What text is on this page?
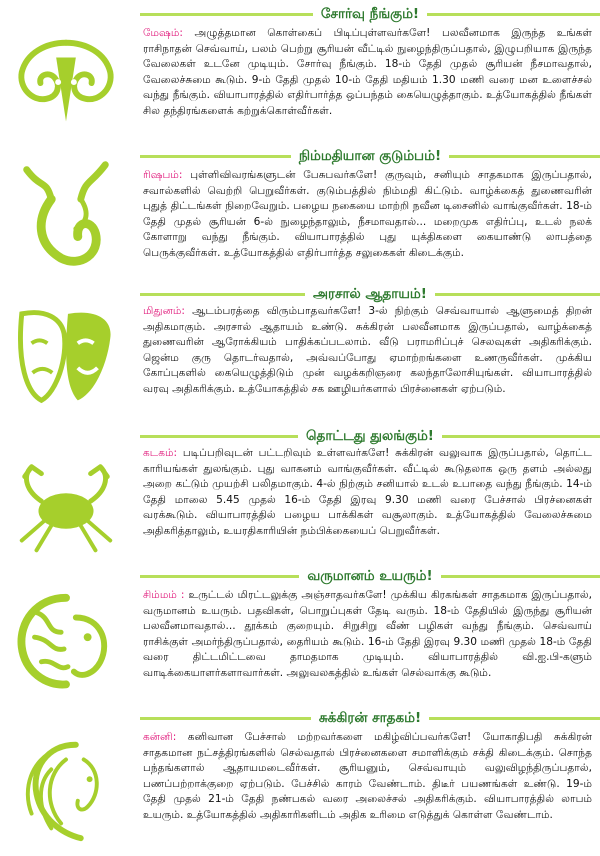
சோர்வு நீங்கும்!
மேஷம்: அழுத்தமான கொள்கைப் பிடிப்புள்ளவர்களே! பலவீனமாக இருந்த உங்கள் ராசிநாதன் செவ்வாய், பலம் பெற்று சூரியன் வீட்டில் நுழைந்திருப்பதால், இழுபறியாக இருந்த வேலைகள் உடனே முடியும். சோர்வு நீங்கும். 18-ம் தேதி முதல் சூரியன் நீசமாவதால், வேலைச்சுமை கூடும். 9-ம் தேதி முதல் 10-ம் தேதி மதியம் 1.30 மணி வரை மன உளைச்சல் வந்து நீங்கும். வியாபாரத்தில் எதிர்பார்த்த ஒப்பந்தம் கையெழுத்தாகும். உத்யோகத்தில் நீங்கள் சில தந்திரங்களைக் கற்றுக்கொள்வீர்கள்.
நிம்மதியான குடும்பம்!
ரிஷபம்: புள்ளிவிவரங்களுடன் பேசுபவர்களே! குருவும், சனியும் சாதகமாக இருப்பதால், சவால்களில் வெற்றி பெறுவீர்கள். குடும்பத்தில் நிம்மதி கிட்டும். வாழ்க்கைத் துணைவரின் புதுத் திட்டங்கள் நிறைவேறும். பழைய நகையை மாற்றி நவீன டிசைனில் வாங்குவீர்கள். 18-ம் தேதி முதல் சூரியன் 6-ல் நுழைந்தாலும், நீசமாவதால்... மறைமுக எதிர்ப்பு, உடல் நலக் கோளாறு வந்து நீங்கும். வியாபாரத்தில் புது யுக்திகளை கையாண்டு லாபத்தை பெருக்குவீர்கள். உத்யோகத்தில் எதிர்பார்த்த சலுகைகள் கிடைக்கும்.
அரசால் ஆதாயம்!
மிதுனம்: ஆடம்பரத்தை விரும்பாதவர்களே! 3-ல் நிற்கும் செவ்வாயால் ஆளுமைத் திறன் அதிகமாகும். அரசால் ஆதாயம் உண்டு. சுக்கிரன் பலவீனமாக இருப்பதால், வாழ்க்கைத் துணைவரின் ஆரோக்கியம் பாதிக்கப்படலாம். வீடு பராமரிப்புச் செலவுகள் அதிகரிக்கும். ஜென்ம குரு தொடர்வதால், அவ்வப்போது ஏமாற்றங்களை உணருவீர்கள். முக்கிய கோப்புகளில் கையெழுத்திடும் முன் வழக்கறிஞரை கலந்தாலோசியுங்கள். வியாபாரத்தில் வரவு அதிகரிக்கும். உத்யோகத்தில் சக ஊழியர்களால் பிரச்னைகள் ஏற்படும்.
தொட்டது துலங்கும்!
கடகம்: படிப்பறிவுடன் பட்டறிவும் உள்ளவர்களே! சுக்கிரன் வலுவாக இருப்பதால், தொட்ட காரியங்கள் துலங்கும். புது வாகனம் வாங்குவீர்கள். வீட்டில் கூடுதலாக ஒரு தளம் அல்லது அறை கட்டும் முயற்சி பலிதமாகும். 4-ல் நிற்கும் சனியால் உடல் உபாதை வந்து நீங்கும். 14-ம் தேதி மாலை 5.45 முதல் 16-ம் தேதி இரவு 9.30 மணி வரை பேச்சால் பிரச்னைகள் வரக்கூடும். வியாபாரத்தில் பழைய பாக்கிகள் வசூலாகும். உத்யோகத்தில் வேலைச்சுமை அதிகரித்தாலும், உயரதிகாரியின் நம்பிக்கையைப் பெறுவீர்கள்.
வருமானம் உயரும்!
சிம்மம் : உருட்டல் மிரட்டலுக்கு அஞ்சாதவர்களே! முக்கிய கிரகங்கள் சாதகமாக இருப்பதால், வருமானம் உயரும். பதவிகள், பொறுப்புகள் தேடி வரும். 18-ம் தேதியில் இருந்து சூரியன் பலவீனமாவதால்... தூக்கம் குறையும். சிறுசிறு வீண் பழிகள் வந்து நீங்கும். செவ்வாய் ராசிக்குள் அமர்ந்திருப்பதால், தைரியம் கூடும். 16-ம் தேதி இரவு 9.30 மணி முதல் 18-ம் தேதி வரை திட்டமிட்டவை தாமதமாக முடியும். வியாபாரத்தில் வி.ஐ.பி-களும் வாடிக்கையாளர்களாவார்கள். அலுவலகத்தில் உங்கள் செல்வாக்கு கூடும்.
சுக்கிரன் சாதகம்!
கன்னி: கனிவான பேச்சால் மற்றவர்களை மகிழ்விப்பவர்களே! யோகாதிபதி சுக்கிரன் சாதகமான நட்சத்திரங்களில் செல்வதால் பிரச்னைகளை சமாளிக்கும் சக்தி கிடைக்கும். சொந்த பந்தங்களால் ஆதாயமடைவீர்கள். சூரியனும், செவ்வாயும் வலுவிழந்திருப்பதால், பணப்பற்றாக்குறை ஏற்படும். பேச்சில் காரம் வேண்டாம். திடீர் பயணங்கள் உண்டு. 19-ம் தேதி முதல் 21-ம் தேதி நண்பகல் வரை அலைச்சல் அதிகரிக்கும். வியாபாரத்தில் லாபம் உயரும். உத்யோகத்தில் அதிகாரிகளிடம் அதிக உரிமை எடுத்துக் கொள்ள வேண்டாம்.
